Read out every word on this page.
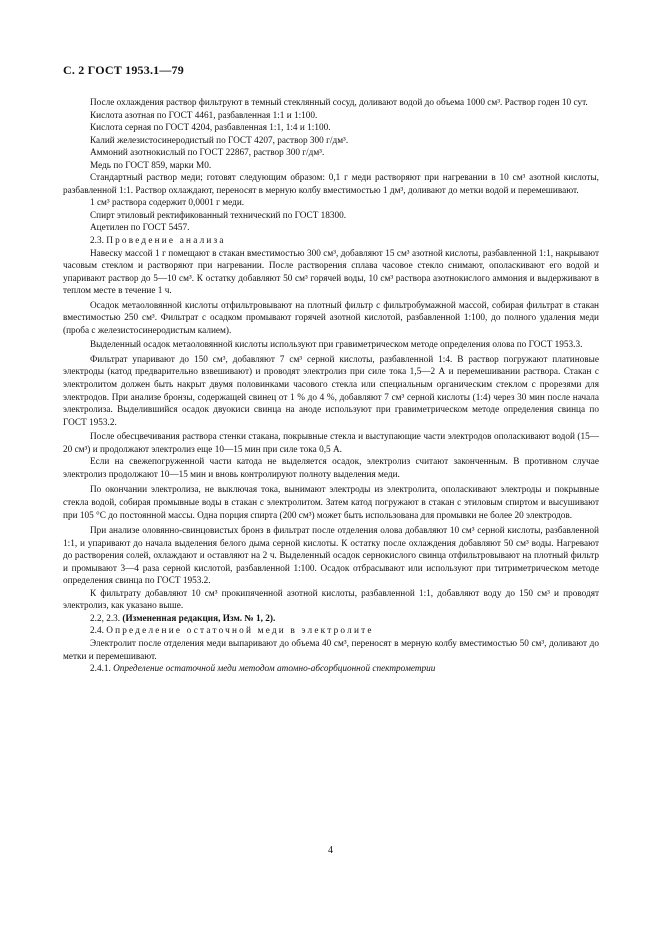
С. 2 ГОСТ 1953.1—79

После охлаждения раствор фильтруют в темный стеклянный сосуд, доливают водой до объема 1000 см³. Раствор годен 10 сут.

Кислота азотная по ГОСТ 4461, разбавленная 1:1 и 1:100.

Кислота серная по ГОСТ 4204, разбавленная 1:1, 1:4 и 1:100.

Калий железистосинеродистый по ГОСТ 4207, раствор 300 г/дм³.

Аммоний азотнокислый по ГОСТ 22867, раствор 300 г/дм³.

Медь по ГОСТ 859, марки М0.

Стандартный раствор меди; готовят следующим образом: 0,1 г меди растворяют при нагревании в 10 см³ азотной кислоты, разбавленной 1:1. Раствор охлаждают, переносят в мерную колбу вместимостью 1 дм³, доливают до метки водой и перемешивают.

1 см³ раствора содержит 0,0001 г меди.

Спирт этиловый ректификованный технический по ГОСТ 18300.

Ацетилен по ГОСТ 5457.

2.3. Проведение анализа

Навеску массой 1 г помещают в стакан вместимостью 300 см³, добавляют 15 см³ азотной кислоты, разбавленной 1:1, накрывают часовым стеклом и растворяют при нагревании. После растворения сплава часовое стекло снимают, ополаскивают его водой и упаривают раствор до 5—10 см³. К остатку добавляют 50 см³ горячей воды, 10 см³ раствора азотнокислого аммония и выдерживают в теплом месте в течение 1 ч.

Осадок метаоловянной кислоты отфильтровывают на плотный фильтр с фильтробумажной массой, собирая фильтрат в стакан вместимостью 250 см³. Фильтрат с осадком промывают горячей азотной кислотой, разбавленной 1:100, до полного удаления меди (проба с железистосинеродистым калием).

Выделенный осадок метаоловянной кислоты используют при гравиметрическом методе определения олова по ГОСТ 1953.3.

Фильтрат упаривают до 150 см³, добавляют 7 см³ серной кислоты, разбавленной 1:4. В раствор погружают платиновые электроды (катод предварительно взвешивают) и проводят электролиз при силе тока 1,5—2 А и перемешивании раствора. Стакан с электролитом должен быть накрыт двумя половинками часового стекла или специальным органическим стеклом с прорезями для электродов. При анализе бронзы, содержащей свинец от 1 % до 4 %, добавляют 7 см³ серной кислоты (1:4) через 30 мин после начала электролиза. Выделившийся осадок двуокиси свинца на аноде используют при гравиметрическом методе определения свинца по ГОСТ 1953.2.

После обесцвечивания раствора стенки стакана, покрывные стекла и выступающие части электродов ополаскивают водой (15—20 см³) и продолжают электролиз еще 10—15 мин при силе тока 0,5 А.

Если на свежепогруженной части катода не выделяется осадок, электролиз считают законченным. В противном случае электролиз продолжают 10—15 мин и вновь контролируют полноту выделения меди.

По окончании электролиза, не выключая тока, вынимают электроды из электролита, ополаскивают электроды и покрывные стекла водой, собирая промывные воды в стакан с электролитом. Затем катод погружают в стакан с этиловым спиртом и высушивают при 105 °С до постоянной массы. Одна порция спирта (200 см³) может быть использована для промывки не более 20 электродов.

При анализе оловянно-свинцовистых бронз в фильтрат после отделения олова добавляют 10 см³ серной кислоты, разбавленной 1:1, и упаривают до начала выделения белого дыма серной кислоты. К остатку после охлаждения добавляют 50 см³ воды. Нагревают до растворения солей, охлаждают и оставляют на 2 ч. Выделенный осадок сернокислого свинца отфильтровывают на плотный фильтр и промывают 3—4 раза серной кислотой, разбавленной 1:100. Осадок отбрасывают или используют при титриметрическом методе определения свинца по ГОСТ 1953.2.

К фильтрату добавляют 10 см³ прокипяченной азотной кислоты, разбавленной 1:1, добавляют воду до 150 см³ и проводят электролиз, как указано выше.

2.2, 2.3. (Измененная редакция, Изм. № 1, 2).

2.4. Определение остаточной меди в электролите

Электролит после отделения меди выпаривают до объема 40 см³, переносят в мерную колбу вместимостью 50 см³, доливают до метки и перемешивают.

2.4.1. Определение остаточной меди методом атомно-абсорбционной спектрометрии

4
